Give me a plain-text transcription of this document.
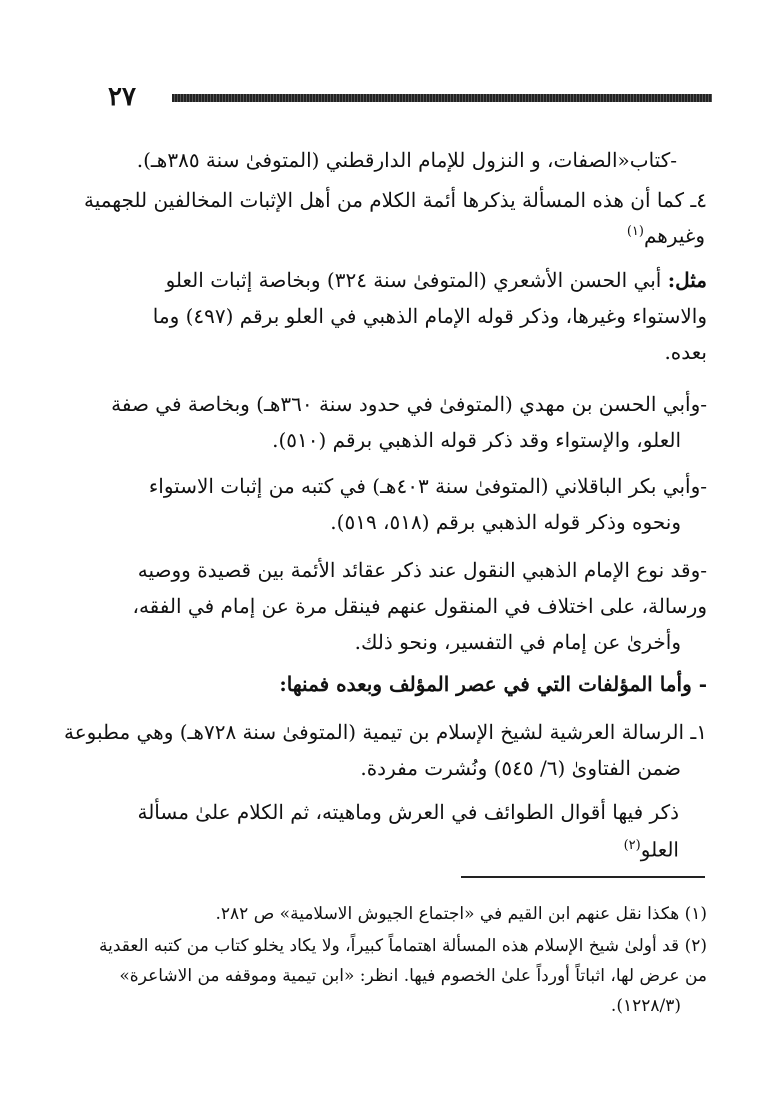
٢٧
-كتاب«الصفات، و النزول للإمام الدارقطني (المتوفىٰ سنة ٣٨٥هـ).
٤ـ كما أن هذه المسألة يذكرها أئمة الكلام من أهل الإثبات المخالفين للجهمية
وغيرهم$^{(١)}$
مثل: أبي الحسن الأشعري (المتوفىٰ سنة ٣٢٤) وبخاصة إثبات العلو
والاستواء وغيرها، وذكر قوله الإمام الذهبي في العلو برقم (٤٩٧) وما
بعده.
-وأبي الحسن بن مهدي (المتوفىٰ في حدود سنة ٣٦٠هـ) وبخاصة في صفة
العلو، والإستواء وقد ذكر قوله الذهبي برقم (٥١٠).
-وأبي بكر الباقلاني (المتوفىٰ سنة ٤٠٣هـ) في كتبه من إثبات الاستواء
ونحوه وذكر قوله الذهبي برقم (٥١٨، ٥١٩).
-وقد نوع الإمام الذهبي النقول عند ذكر عقائد الأئمة بين قصيدة ووصيه
ورسالة، على اختلاف في المنقول عنهم فينقل مرة عن إمام في الفقه،
وأخرىٰ عن إمام في التفسير، ونحو ذلك.
- وأما المؤلفات التي في عصر المؤلف وبعده فمنها:
١ـ الرسالة العرشية لشيخ الإسلام بن تيمية (المتوفىٰ سنة ٧٢٨هـ) وهي مطبوعة
ضمن الفتاوىٰ (٦/ ٥٤٥) ونُشرت مفردة.
ذكر فيها أقوال الطوائف في العرش وماهيته، ثم الكلام علىٰ مسألة
العلو$^{(٢)}$
(١) هكذا نقل عنهم ابن القيم في «اجتماع الجيوش الاسلامية» ص ٢٨٢.
(٢) قد أولىٰ شيخ الإسلام هذه المسألة اهتماماً كبيراً، ولا يكاد يخلو كتاب من كتبه العقدية
من عرض لها، اثباتاً أورداً علىٰ الخصوم فيها. انظر: «ابن تيمية وموقفه من الاشاعرة»
(١٢٢٨/٣).
